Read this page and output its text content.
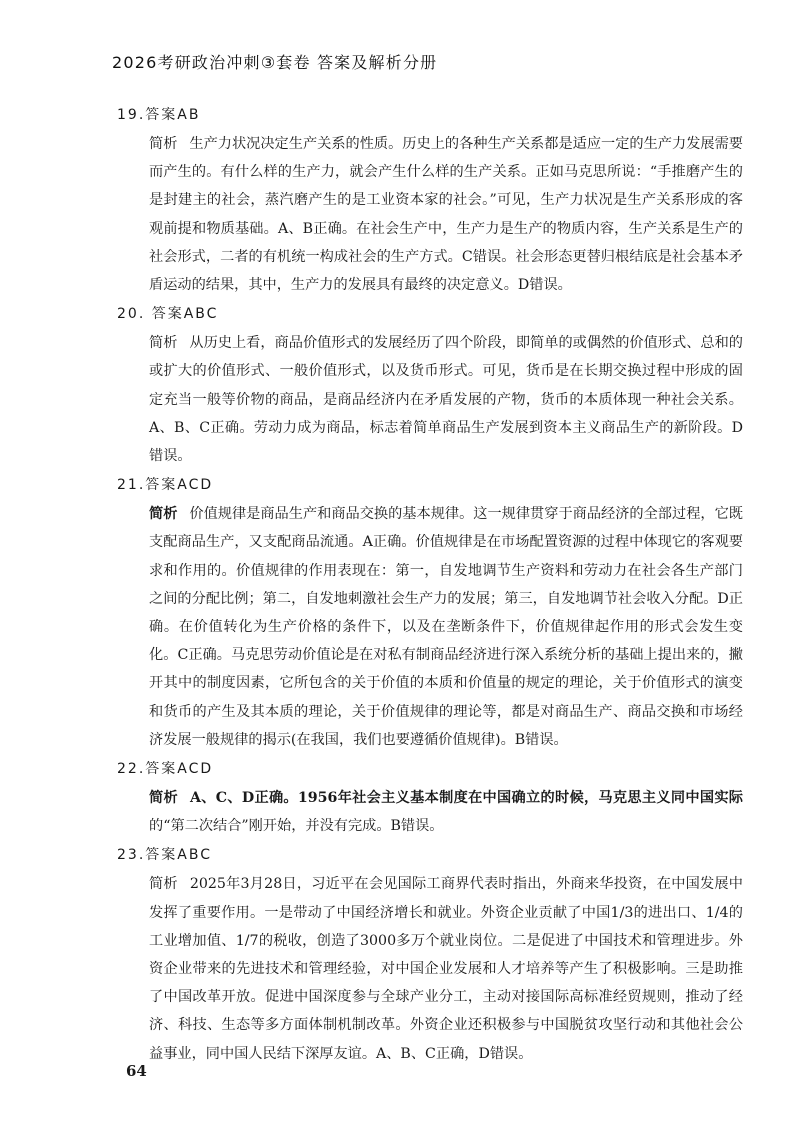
2026考研政治冲刺③套卷 答案及解析分册
19.答案AB

简析 生产力状况决定生产关系的性质。历史上的各种生产关系都是适应一定的生产力发展需要而产生的。有什么样的生产力，就会产生什么样的生产关系。正如马克思所说：“手推磨产生的是封建主的社会，蒸汽磨产生的是工业资本家的社会。”可见，生产力状况是生产关系形成的客观前提和物质基础。A、B正确。在社会生产中，生产力是生产的物质内容，生产关系是生产的社会形式，二者的有机统一构成社会的生产方式。C错误。社会形态更替归根结底是社会基本矛盾运动的结果，其中，生产力的发展具有最终的决定意义。D错误。

20. 答案ABC

简析 从历史上看，商品价值形式的发展经历了四个阶段，即简单的或偶然的价值形式、总和的或扩大的价值形式、一般价值形式，以及货币形式。可见，货币是在长期交换过程中形成的固定充当一般等价物的商品，是商品经济内在矛盾发展的产物，货币的本质体现一种社会关系。A、B、C正确。劳动力成为商品，标志着简单商品生产发展到资本主义商品生产的新阶段。D错误。

21.答案ACD

简析 价值规律是商品生产和商品交换的基本规律。这一规律贯穿于商品经济的全部过程，它既支配商品生产，又支配商品流通。A正确。价值规律是在市场配置资源的过程中体现它的客观要求和作用的。价值规律的作用表现在：第一，自发地调节生产资料和劳动力在社会各生产部门之间的分配比例；第二，自发地刺激社会生产力的发展；第三，自发地调节社会收入分配。D正确。在价值转化为生产价格的条件下，以及在垄断条件下，价值规律起作用的形式会发生变化。C正确。马克思劳动价值论是在对私有制商品经济进行深入系统分析的基础上提出来的，撇开其中的制度因素，它所包含的关于价值的本质和价值量的规定的理论，关于价值形式的演变和货币的产生及其本质的理论，关于价值规律的理论等，都是对商品生产、商品交换和市场经济发展一般规律的揭示(在我国，我们也要遵循价值规律)。B错误。

22.答案ACD

简析 A、C、D正确。1956年社会主义基本制度在中国确立的时候，马克思主义同中国实际的“第二次结合”刚开始，并没有完成。B错误。

23.答案ABC

简析 2025年3月28日，习近平在会见国际工商界代表时指出，外商来华投资，在中国发展中发挥了重要作用。一是带动了中国经济增长和就业。外资企业贡献了中国1/3的进出口、1/4的工业增加值、1/7的税收，创造了3000多万个就业岗位。二是促进了中国技术和管理进步。外资企业带来的先进技术和管理经验，对中国企业发展和人才培养等产生了积极影响。三是助推了中国改革开放。促进中国深度参与全球产业分工，主动对接国际高标准经贸规则，推动了经济、科技、生态等多方面体制机制改革。外资企业还积极参与中国脱贫攻坚行动和其他社会公益事业，同中国人民结下深厚友谊。A、B、C正确，D错误。

64
